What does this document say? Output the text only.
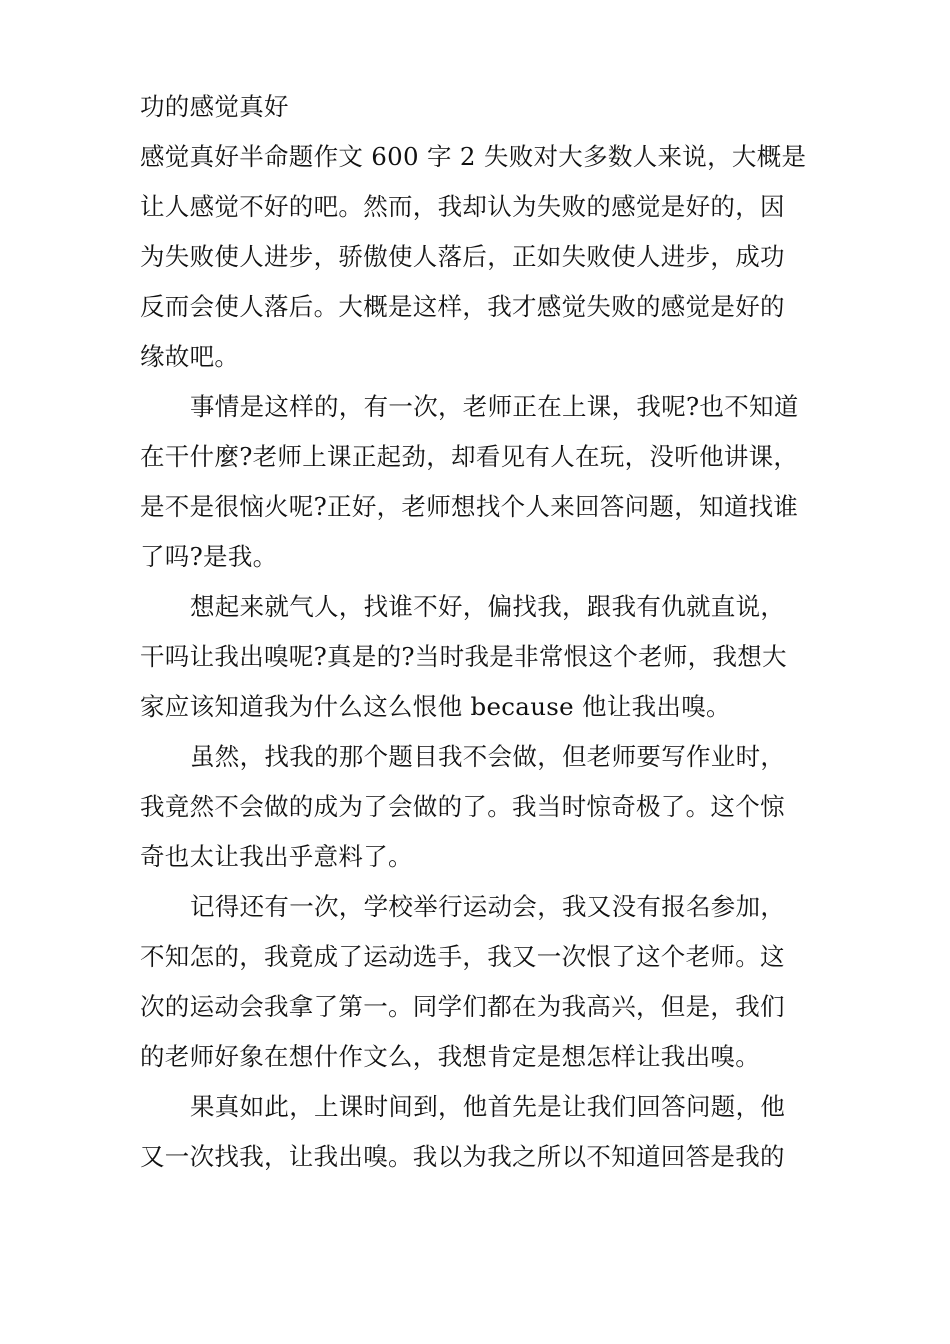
功的感觉真好
感觉真好半命题作文 600 字 2 失败对大多数人来说，大概是
让人感觉不好的吧。然而，我却认为失败的感觉是好的，因
为失败使人进步，骄傲使人落后，正如失败使人进步，成功
反而会使人落后。大概是这样，我才感觉失败的感觉是好的
缘故吧。
事情是这样的，有一次，老师正在上课，我呢?也不知道
在干什麼?老师上课正起劲，却看见有人在玩，没听他讲课，
是不是很恼火呢?正好，老师想找个人来回答问题，知道找谁
了吗?是我。
想起来就气人，找谁不好，偏找我，跟我有仇就直说，
干吗让我出嗅呢?真是的?当时我是非常恨这个老师，我想大
家应该知道我为什么这么恨他 because 他让我出嗅。
虽然，找我的那个题目我不会做，但老师要写作业时，
我竟然不会做的成为了会做的了。我当时惊奇极了。这个惊
奇也太让我出乎意料了。
记得还有一次，学校举行运动会，我又没有报名参加，
不知怎的，我竟成了运动选手，我又一次恨了这个老师。这
次的运动会我拿了第一。同学们都在为我高兴，但是，我们
的老师好象在想什作文么，我想肯定是想怎样让我出嗅。
果真如此，上课时间到，他首先是让我们回答问题，他
又一次找我，让我出嗅。我以为我之所以不知道回答是我的
